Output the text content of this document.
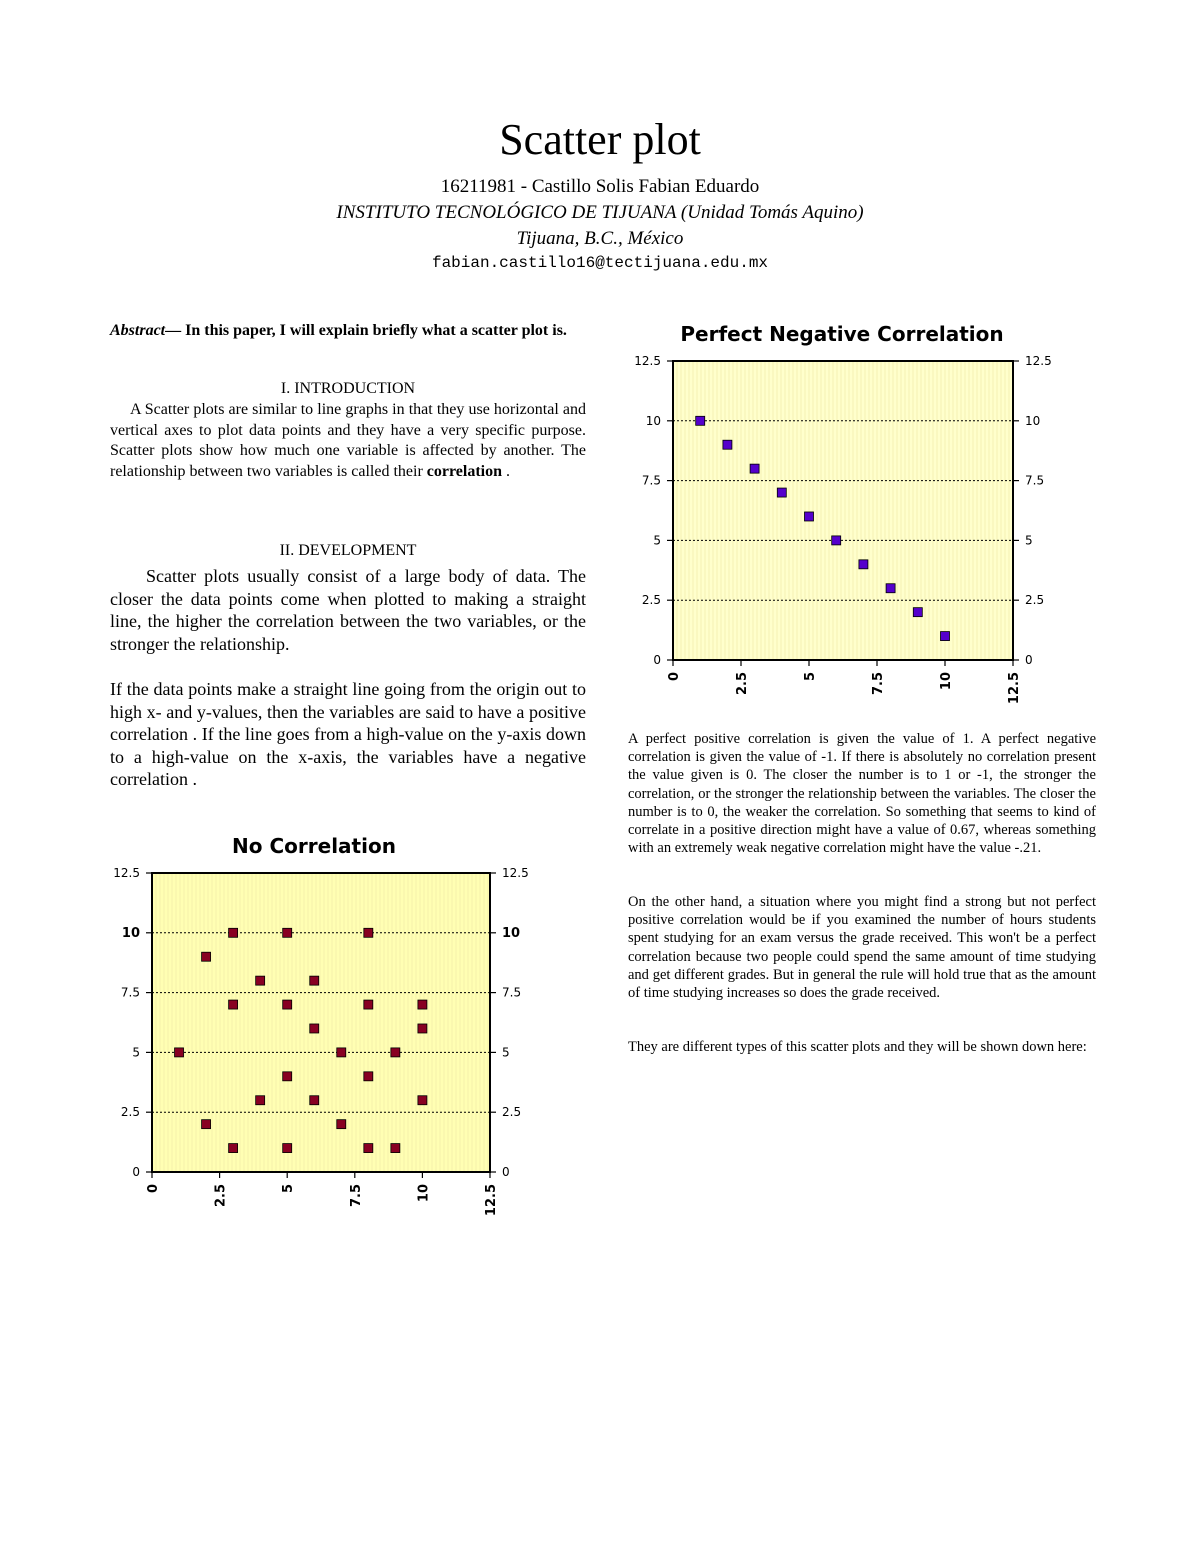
Scatter plot
16211981 - Castillo Solis Fabian Eduardo
INSTITUTO TECNOLÓGICO DE TIJUANA (Unidad Tomás Aquino)
Tijuana, B.C., México
fabian.castillo16@tectijuana.edu.mx
Abstract— In this paper, I will explain briefly what a scatter plot is.
I. INTRODUCTION
A Scatter plots are similar to line graphs in that they use horizontal and vertical axes to plot data points and they have a very specific purpose. Scatter plots show how much one variable is affected by another. The relationship between two variables is called their correlation .
II. DEVELOPMENT
Scatter plots usually consist of a large body of data. The closer the data points come when plotted to making a straight line, the higher the correlation between the two variables, or the stronger the relationship.
If the data points make a straight line going from the origin out to high x- and y-values, then the variables are said to have a positive correlation . If the line goes from a high-value on the y-axis down to a high-value on the x-axis, the variables have a negative correlation .
A perfect positive correlation is given the value of 1. A perfect negative correlation is given the value of -1. If there is absolutely no correlation present the value given is 0. The closer the number is to 1 or -1, the stronger the correlation, or the stronger the relationship between the variables. The closer the number is to 0, the weaker the correlation. So something that seems to kind of correlate in a positive direction might have a value of 0.67, whereas something with an extremely weak negative correlation might have the value -.21.
On the other hand, a situation where you might find a strong but not perfect positive correlation would be if you examined the number of hours students spent studying for an exam versus the grade received. This won't be a perfect correlation because two people could spend the same amount of time studying and get different grades. But in general the rule will hold true that as the amount of time studying increases so does the grade received.
They are different types of this scatter plots and they will be shown down here:
Perfect Negative Correlation
0	0
2.5	2.5
5	5
7.5	7.5
10	10
12.5	12.5
0	2.5	5	7.5	10	12.5
No Correlation
0	0
2.5	2.5
5	5
7.5	7.5
10	10
12.5	12.5
0	2.5	5	7.5	10	12.5
